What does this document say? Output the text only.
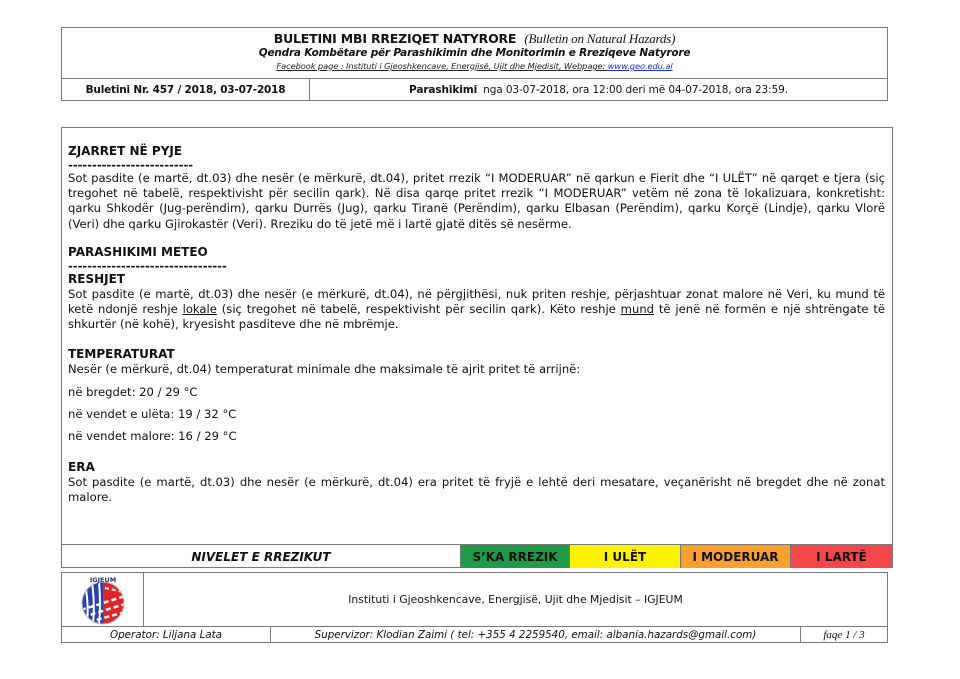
BULETINI MBI RREZIQET NATYRORE (Bulletin on Natural Hazards)
Qendra Kombëtare për Parashikimin dhe Monitorimin e Rreziqeve Natyrore
Facebook page : Instituti i Gjeoshkencave, Energjisë, Ujit dhe Mjedisit, Webpage: www.geo.edu.al
Buletini Nr. 457 / 2018, 03-07-2018	Parashikimi nga 03-07-2018, ora 12:00 deri më 04-07-2018, ora 23:59.
ZJARRET NË PYJE
--------------------------

Sot pasdite (e martë, dt.03) dhe nesër (e mërkurë, dt.04), pritet rrezik “I MODERUAR” në qarkun e Fierit dhe “I ULËT” në qarqet e tjera (siç tregohet në tabelë, respektivisht për secilin qark). Në disa qarqe pritet rrezik “I MODERUAR” vetëm në zona të lokalizuara, konkretisht: qarku Shkodër (Jug-perëndim), qarku Durrës (Jug), qarku Tiranë (Perëndim), qarku Elbasan (Perëndim), qarku Korçë (Lindje), qarku Vlorë (Veri) dhe qarku Gjirokastër (Veri). Rreziku do të jetë më i lartë gjatë ditës së nesërme.

PARASHIKIMI METEO
---------------------------------
RESHJET

Sot pasdite (e martë, dt.03) dhe nesër (e mërkurë, dt.04), në përgjithësi, nuk priten reshje, përjashtuar zonat malore në Veri, ku mund të ketë ndonjë reshje lokale (siç tregohet në tabelë, respektivisht për secilin qark). Këto reshje mund të jenë në formën e një shtrëngate të shkurtër (në kohë), kryesisht pasditeve dhe në mbrëmje.

TEMPERATURAT
Nesër (e mërkurë, dt.04) temperaturat minimale dhe maksimale të ajrit pritet të arrijnë:
në bregdet: 20 / 29 °C
në vendet e ulëta: 19 / 32 °C
në vendet malore: 16 / 29 °C
ERA

Sot pasdite (e martë, dt.03) dhe nesër (e mërkurë, dt.04) era pritet të fryjë e lehtë deri mesatare, veçanërisht në bregdet dhe në zonat malore.

NIVELET E RREZIKUT	S’KA RREZIK	I ULËT	I MODERUAR	I LARTË
IGJEUM
Instituti i Gjeoshkencave, Energjisë, Ujit dhe Mjedisit – IGJEUM
Operator: Liljana Lata	Supervizor: Klodian Zaimi ( tel: +355 4 2259540, email: albania.hazards@gmail.com)	faqe 1 / 3
